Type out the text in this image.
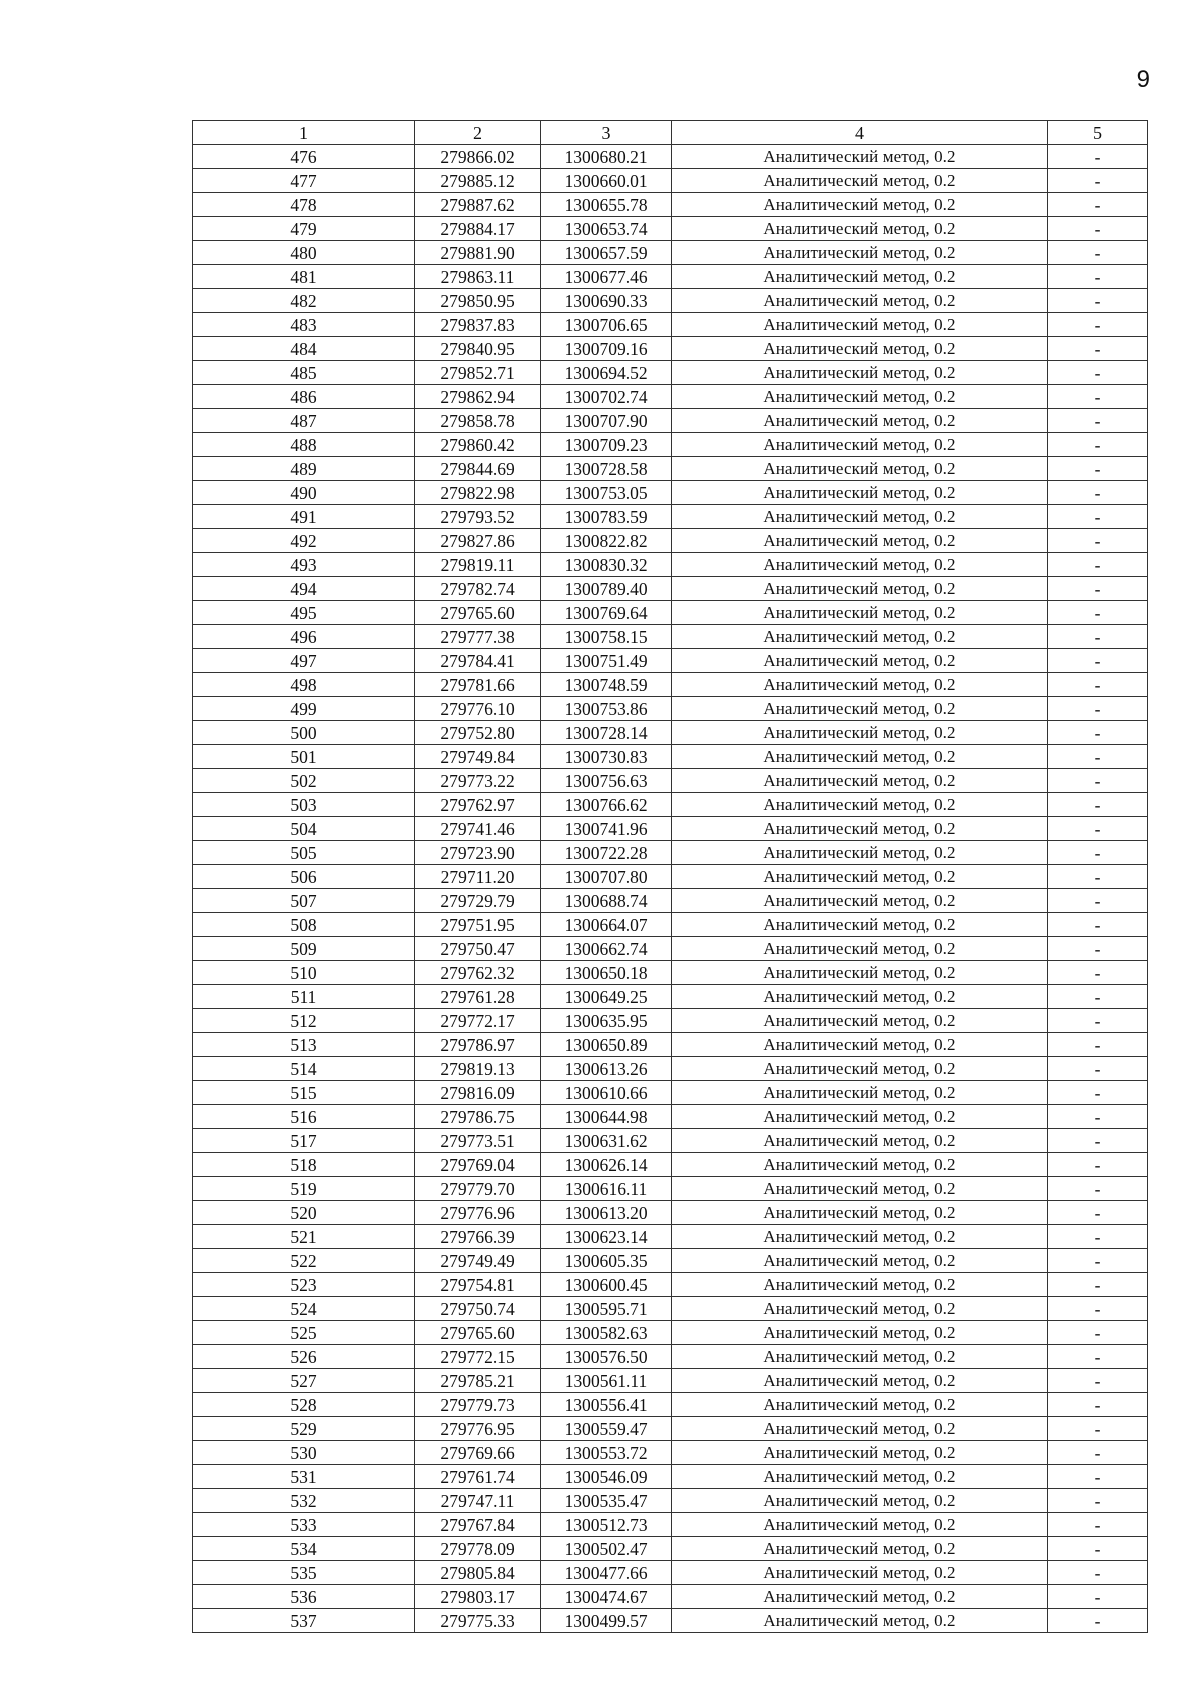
9
1	2	3	4	5
476	279866.02	1300680.21	Аналитический метод, 0.2	-
477	279885.12	1300660.01	Аналитический метод, 0.2	-
478	279887.62	1300655.78	Аналитический метод, 0.2	-
479	279884.17	1300653.74	Аналитический метод, 0.2	-
480	279881.90	1300657.59	Аналитический метод, 0.2	-
481	279863.11	1300677.46	Аналитический метод, 0.2	-
482	279850.95	1300690.33	Аналитический метод, 0.2	-
483	279837.83	1300706.65	Аналитический метод, 0.2	-
484	279840.95	1300709.16	Аналитический метод, 0.2	-
485	279852.71	1300694.52	Аналитический метод, 0.2	-
486	279862.94	1300702.74	Аналитический метод, 0.2	-
487	279858.78	1300707.90	Аналитический метод, 0.2	-
488	279860.42	1300709.23	Аналитический метод, 0.2	-
489	279844.69	1300728.58	Аналитический метод, 0.2	-
490	279822.98	1300753.05	Аналитический метод, 0.2	-
491	279793.52	1300783.59	Аналитический метод, 0.2	-
492	279827.86	1300822.82	Аналитический метод, 0.2	-
493	279819.11	1300830.32	Аналитический метод, 0.2	-
494	279782.74	1300789.40	Аналитический метод, 0.2	-
495	279765.60	1300769.64	Аналитический метод, 0.2	-
496	279777.38	1300758.15	Аналитический метод, 0.2	-
497	279784.41	1300751.49	Аналитический метод, 0.2	-
498	279781.66	1300748.59	Аналитический метод, 0.2	-
499	279776.10	1300753.86	Аналитический метод, 0.2	-
500	279752.80	1300728.14	Аналитический метод, 0.2	-
501	279749.84	1300730.83	Аналитический метод, 0.2	-
502	279773.22	1300756.63	Аналитический метод, 0.2	-
503	279762.97	1300766.62	Аналитический метод, 0.2	-
504	279741.46	1300741.96	Аналитический метод, 0.2	-
505	279723.90	1300722.28	Аналитический метод, 0.2	-
506	279711.20	1300707.80	Аналитический метод, 0.2	-
507	279729.79	1300688.74	Аналитический метод, 0.2	-
508	279751.95	1300664.07	Аналитический метод, 0.2	-
509	279750.47	1300662.74	Аналитический метод, 0.2	-
510	279762.32	1300650.18	Аналитический метод, 0.2	-
511	279761.28	1300649.25	Аналитический метод, 0.2	-
512	279772.17	1300635.95	Аналитический метод, 0.2	-
513	279786.97	1300650.89	Аналитический метод, 0.2	-
514	279819.13	1300613.26	Аналитический метод, 0.2	-
515	279816.09	1300610.66	Аналитический метод, 0.2	-
516	279786.75	1300644.98	Аналитический метод, 0.2	-
517	279773.51	1300631.62	Аналитический метод, 0.2	-
518	279769.04	1300626.14	Аналитический метод, 0.2	-
519	279779.70	1300616.11	Аналитический метод, 0.2	-
520	279776.96	1300613.20	Аналитический метод, 0.2	-
521	279766.39	1300623.14	Аналитический метод, 0.2	-
522	279749.49	1300605.35	Аналитический метод, 0.2	-
523	279754.81	1300600.45	Аналитический метод, 0.2	-
524	279750.74	1300595.71	Аналитический метод, 0.2	-
525	279765.60	1300582.63	Аналитический метод, 0.2	-
526	279772.15	1300576.50	Аналитический метод, 0.2	-
527	279785.21	1300561.11	Аналитический метод, 0.2	-
528	279779.73	1300556.41	Аналитический метод, 0.2	-
529	279776.95	1300559.47	Аналитический метод, 0.2	-
530	279769.66	1300553.72	Аналитический метод, 0.2	-
531	279761.74	1300546.09	Аналитический метод, 0.2	-
532	279747.11	1300535.47	Аналитический метод, 0.2	-
533	279767.84	1300512.73	Аналитический метод, 0.2	-
534	279778.09	1300502.47	Аналитический метод, 0.2	-
535	279805.84	1300477.66	Аналитический метод, 0.2	-
536	279803.17	1300474.67	Аналитический метод, 0.2	-
537	279775.33	1300499.57	Аналитический метод, 0.2	-
